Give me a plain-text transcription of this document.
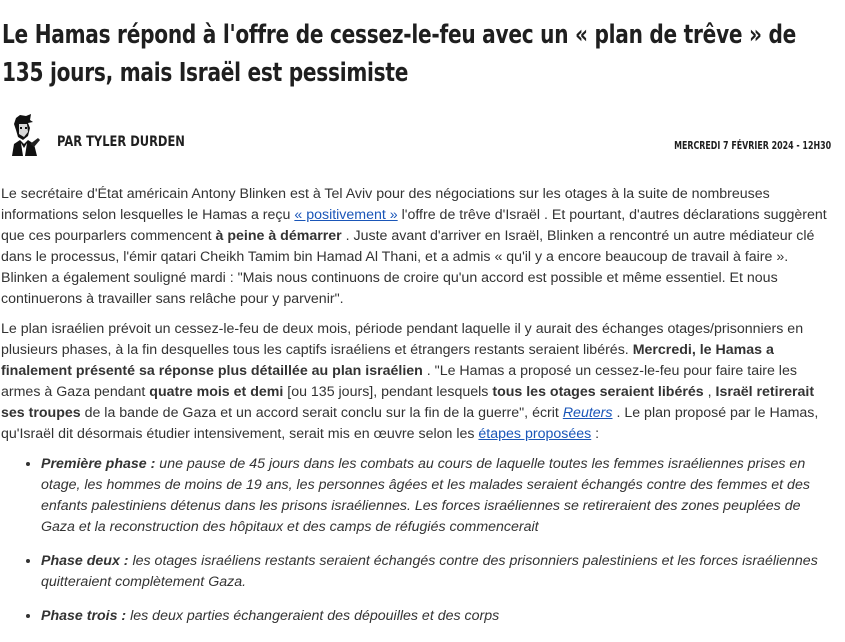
Le Hamas répond à l'offre de cessez-le-feu avec un « plan de trêve » de 135 jours, mais Israël est pessimiste
PAR TYLER DURDEN	MERCREDI 7 FÉVRIER 2024 - 12H30

Le secrétaire d'État américain Antony Blinken est à Tel Aviv pour des négociations sur les otages à la suite de nombreuses informations selon lesquelles le Hamas a reçu « positivement » l'offre de trêve d'Israël . Et pourtant, d'autres déclarations suggèrent que ces pourparlers commencent à peine à démarrer . Juste avant d'arriver en Israël, Blinken a rencontré un autre médiateur clé dans le processus, l'émir qatari Cheikh Tamim bin Hamad Al Thani, et a admis « qu'il y a encore beaucoup de travail à faire ». Blinken a également souligné mardi : "Mais nous continuons de croire qu'un accord est possible et même essentiel. Et nous continuerons à travailler sans relâche pour y parvenir".

Le plan israélien prévoit un cessez-le-feu de deux mois, période pendant laquelle il y aurait des échanges otages/prisonniers en plusieurs phases, à la fin desquelles tous les captifs israéliens et étrangers restants seraient libérés. Mercredi, le Hamas a finalement présenté sa réponse plus détaillée au plan israélien . "Le Hamas a proposé un cessez-le-feu pour faire taire les armes à Gaza pendant quatre mois et demi [ou 135 jours], pendant lesquels tous les otages seraient libérés , Israël retirerait ses troupes de la bande de Gaza et un accord serait conclu sur la fin de la guerre", écrit Reuters . Le plan proposé par le Hamas, qu'Israël dit désormais étudier intensivement, serait mis en œuvre selon les étapes proposées :

• Première phase : une pause de 45 jours dans les combats au cours de laquelle toutes les femmes israéliennes prises en otage, les hommes de moins de 19 ans, les personnes âgées et les malades seraient échangés contre des femmes et des enfants palestiniens détenus dans les prisons israéliennes. Les forces israéliennes se retireraient des zones peuplées de Gaza et la reconstruction des hôpitaux et des camps de réfugiés commencerait
• Phase deux : les otages israéliens restants seraient échangés contre des prisonniers palestiniens et les forces israéliennes quitteraient complètement Gaza.
• Phase trois : les deux parties échangeraient des dépouilles et des corps
